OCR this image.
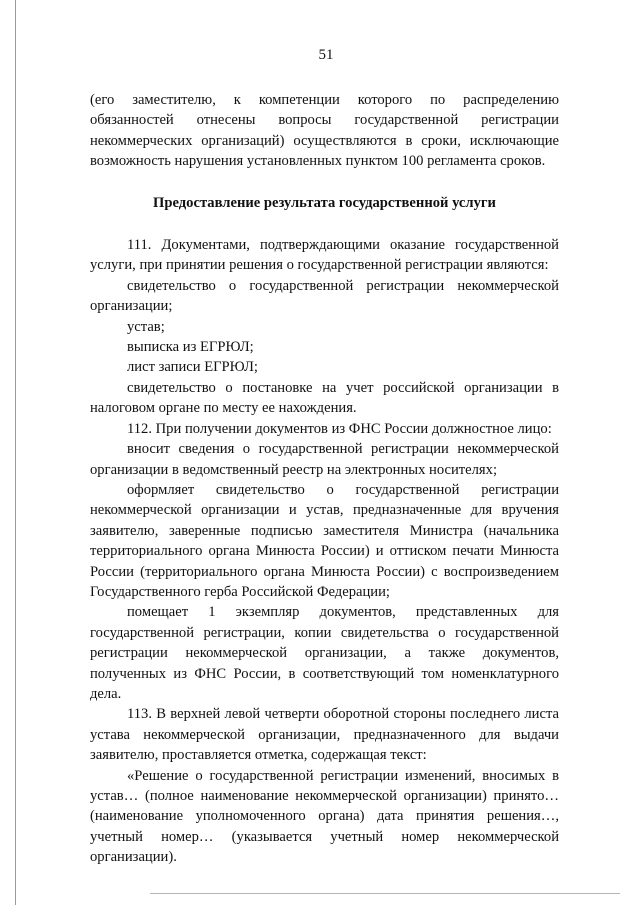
51

(его заместителю, к компетенции которого по распределению обязанностей отнесены вопросы государственной регистрации некоммерческих организаций) осуществляются в сроки, исключающие возможность нарушения установленных пунктом 100 регламента сроков.

Предоставление результата государственной услуги

111. Документами, подтверждающими оказание государственной услуги, при принятии решения о государственной регистрации являются:

свидетельство о государственной регистрации некоммерческой организации;

устав;

выписка из ЕГРЮЛ;

лист записи ЕГРЮЛ;

свидетельство о постановке на учет российской организации в налоговом органе по месту ее нахождения.

112. При получении документов из ФНС России должностное лицо:

вносит сведения о государственной регистрации некоммерческой организации в ведомственный реестр на электронных носителях;

оформляет свидетельство о государственной регистрации некоммерческой организации и устав, предназначенные для вручения заявителю, заверенные подписью заместителя Министра (начальника территориального органа Минюста России) и оттиском печати Минюста России (территориального органа Минюста России) с воспроизведением Государственного герба Российской Федерации;

помещает 1 экземпляр документов, представленных для государственной регистрации, копии свидетельства о государственной регистрации некоммерческой организации, а также документов, полученных из ФНС России, в соответствующий том номенклатурного дела.

113. В верхней левой четверти оборотной стороны последнего листа устава некоммерческой организации, предназначенного для выдачи заявителю, проставляется отметка, содержащая текст:

«Решение о государственной регистрации изменений, вносимых в устав… (полное наименование некоммерческой организации) принято… (наименование уполномоченного органа) дата принятия решения…, учетный номер… (указывается учетный номер некоммерческой организации).
